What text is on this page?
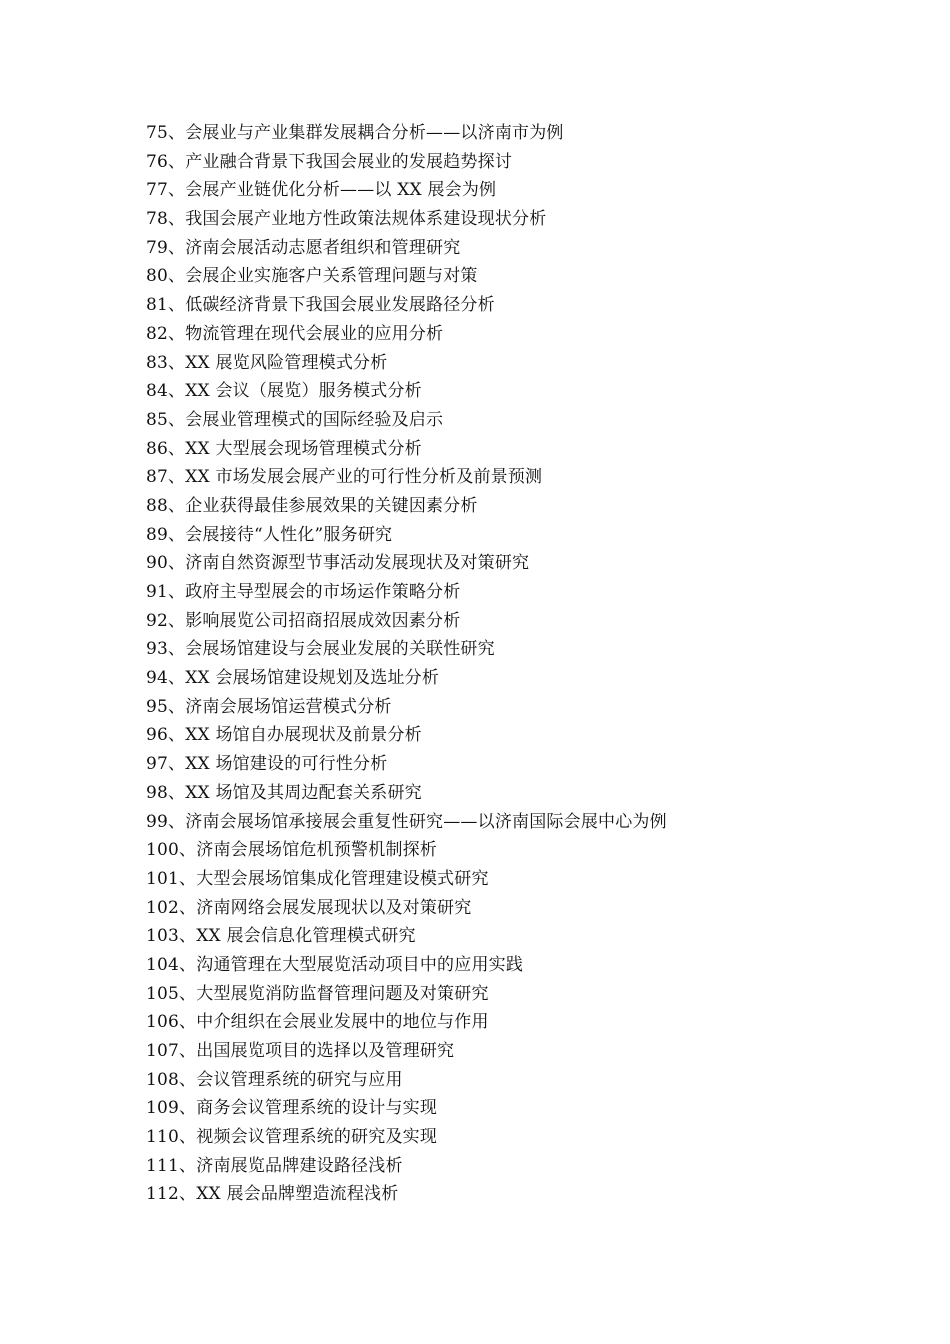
75、会展业与产业集群发展耦合分析——以济南市为例
76、产业融合背景下我国会展业的发展趋势探讨
77、会展产业链优化分析——以 XX 展会为例
78、我国会展产业地方性政策法规体系建设现状分析
79、济南会展活动志愿者组织和管理研究
80、会展企业实施客户关系管理问题与对策
81、低碳经济背景下我国会展业发展路径分析
82、物流管理在现代会展业的应用分析
83、XX 展览风险管理模式分析
84、XX 会议（展览）服务模式分析
85、会展业管理模式的国际经验及启示
86、XX 大型展会现场管理模式分析
87、XX 市场发展会展产业的可行性分析及前景预测
88、企业获得最佳参展效果的关键因素分析
89、会展接待“人性化”服务研究
90、济南自然资源型节事活动发展现状及对策研究
91、政府主导型展会的市场运作策略分析
92、影响展览公司招商招展成效因素分析
93、会展场馆建设与会展业发展的关联性研究
94、XX 会展场馆建设规划及选址分析
95、济南会展场馆运营模式分析
96、XX 场馆自办展现状及前景分析
97、XX 场馆建设的可行性分析
98、XX 场馆及其周边配套关系研究
99、济南会展场馆承接展会重复性研究——以济南国际会展中心为例
100、济南会展场馆危机预警机制探析
101、大型会展场馆集成化管理建设模式研究
102、济南网络会展发展现状以及对策研究
103、XX 展会信息化管理模式研究
104、沟通管理在大型展览活动项目中的应用实践
105、大型展览消防监督管理问题及对策研究
106、中介组织在会展业发展中的地位与作用
107、出国展览项目的选择以及管理研究
108、会议管理系统的研究与应用
109、商务会议管理系统的设计与实现
110、视频会议管理系统的研究及实现
111、济南展览品牌建设路径浅析
112、XX 展会品牌塑造流程浅析
